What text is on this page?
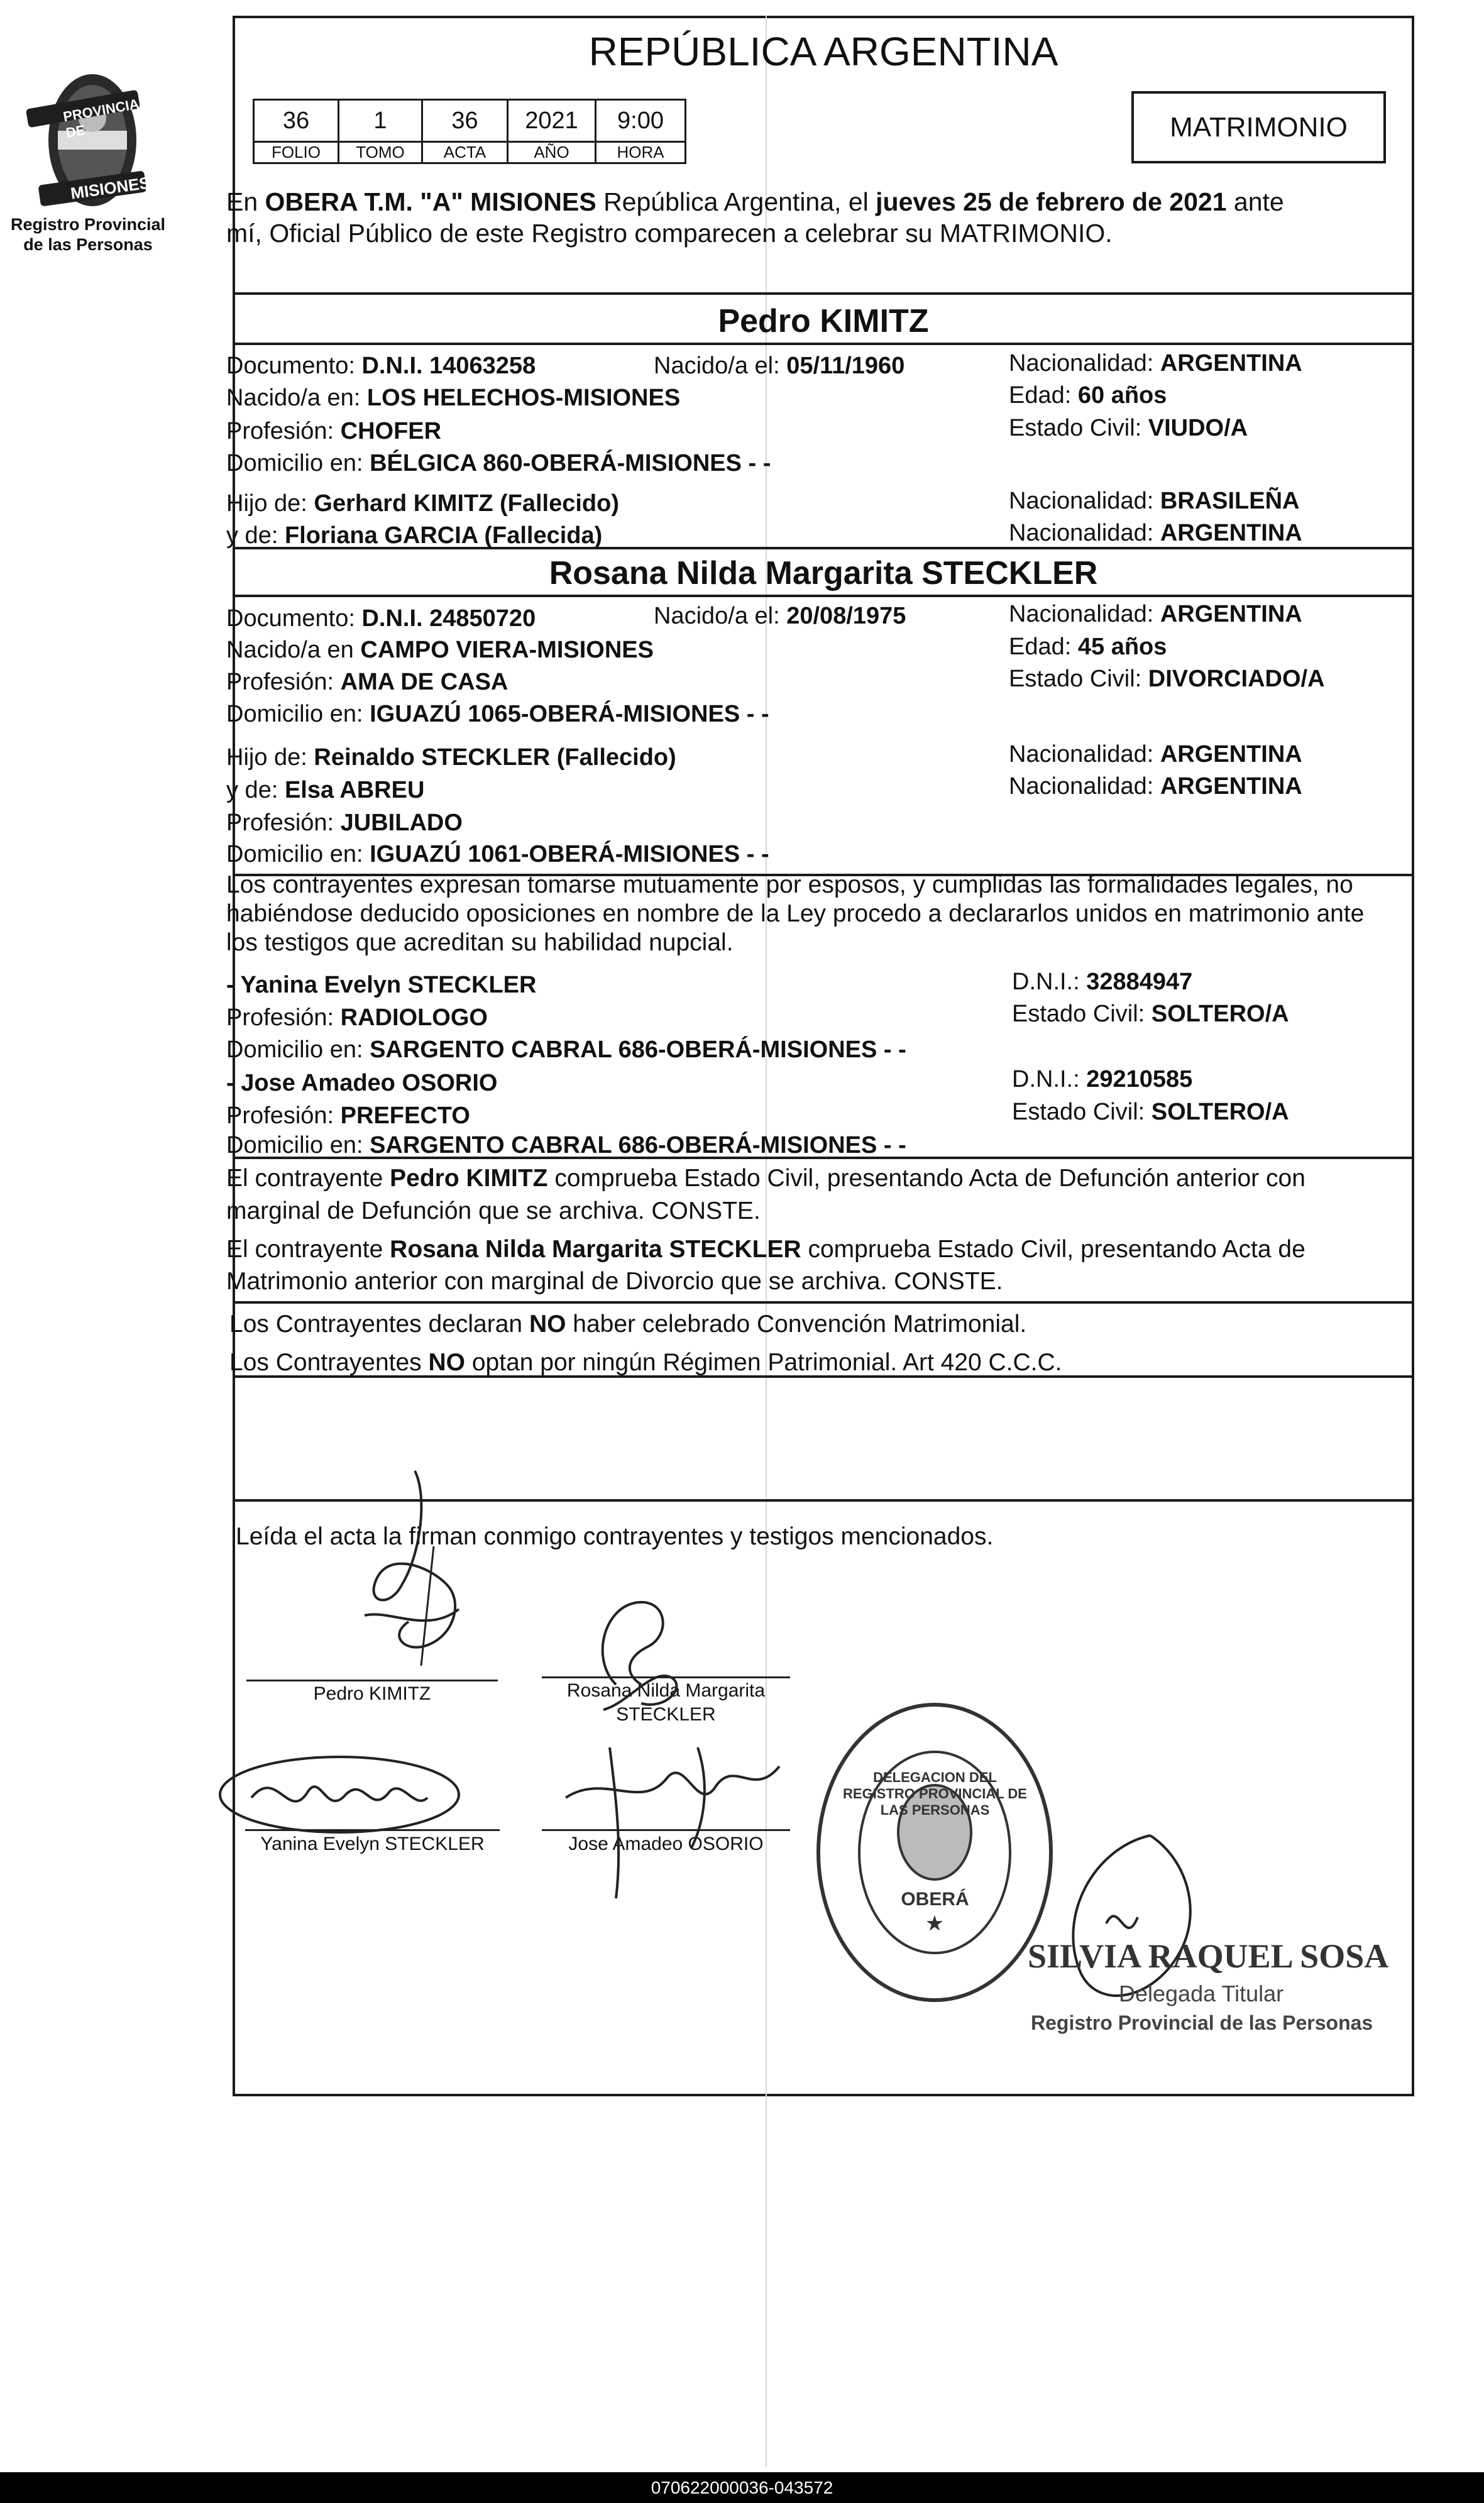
PROVINCIA DE
MISIONES
Registro Provincial
de las Personas
REPÚBLICA ARGENTINA
36	1	36	2021	9:00
FOLIO	TOMO	ACTA	AÑO	HORA
MATRIMONIO
En OBERA T.M. "A" MISIONES República Argentina, el jueves 25 de febrero de 2021 ante
mí, Oficial Público de este Registro comparecen a celebrar su MATRIMONIO.
Pedro KIMITZ
Documento: D.N.I. 14063258	Nacido/a el: 05/11/1960	Nacionalidad: ARGENTINA
Nacido/a en: LOS HELECHOS-MISIONES	Edad: 60 años
Profesión: CHOFER	Estado Civil: VIUDO/A
Domicilio en: BÉLGICA 860-OBERÁ-MISIONES - -
Hijo de: Gerhard KIMITZ (Fallecido)	Nacionalidad: BRASILEÑA
y de: Floriana GARCIA (Fallecida)	Nacionalidad: ARGENTINA
Rosana Nilda Margarita STECKLER
Documento: D.N.I. 24850720	Nacido/a el: 20/08/1975	Nacionalidad: ARGENTINA
Nacido/a en CAMPO VIERA-MISIONES	Edad: 45 años
Profesión: AMA DE CASA	Estado Civil: DIVORCIADO/A
Domicilio en: IGUAZÚ 1065-OBERÁ-MISIONES - -
Hijo de: Reinaldo STECKLER (Fallecido)	Nacionalidad: ARGENTINA
y de: Elsa ABREU	Nacionalidad: ARGENTINA
Profesión: JUBILADO
Domicilio en: IGUAZÚ 1061-OBERÁ-MISIONES - -
Los contrayentes expresan tomarse mutuamente por esposos, y cumplidas las formalidades legales, no
habiéndose deducido oposiciones en nombre de la Ley procedo a declararlos unidos en matrimonio ante
los testigos que acreditan su habilidad nupcial.
- Yanina Evelyn STECKLER	D.N.I.: 32884947
Profesión: RADIOLOGO	Estado Civil: SOLTERO/A
Domicilio en: SARGENTO CABRAL 686-OBERÁ-MISIONES - -
- Jose Amadeo OSORIO	D.N.I.: 29210585
Profesión: PREFECTO	Estado Civil: SOLTERO/A
Domicilio en: SARGENTO CABRAL 686-OBERÁ-MISIONES - -
El contrayente Pedro KIMITZ comprueba Estado Civil, presentando Acta de Defunción anterior con
marginal de Defunción que se archiva. CONSTE.
El contrayente Rosana Nilda Margarita STECKLER comprueba Estado Civil, presentando Acta de
Matrimonio anterior con marginal de Divorcio que se archiva. CONSTE.
Los Contrayentes declaran NO haber celebrado Convención Matrimonial.
Los Contrayentes NO optan por ningún Régimen Patrimonial. Art 420 C.C.C.
Leída el acta la firman conmigo contrayentes y testigos mencionados.
Pedro KIMITZ	Rosana Nilda Margarita
STECKLER
Yanina Evelyn STECKLER	Jose Amadeo OSORIO
★
OBERÁ
DELEGACION DEL REGISTRO PROVINCIAL DE LAS PERSONAS
SILVIA RAQUEL SOSA
Delegada Titular
Registro Provincial de las Personas
070622000036-043572
